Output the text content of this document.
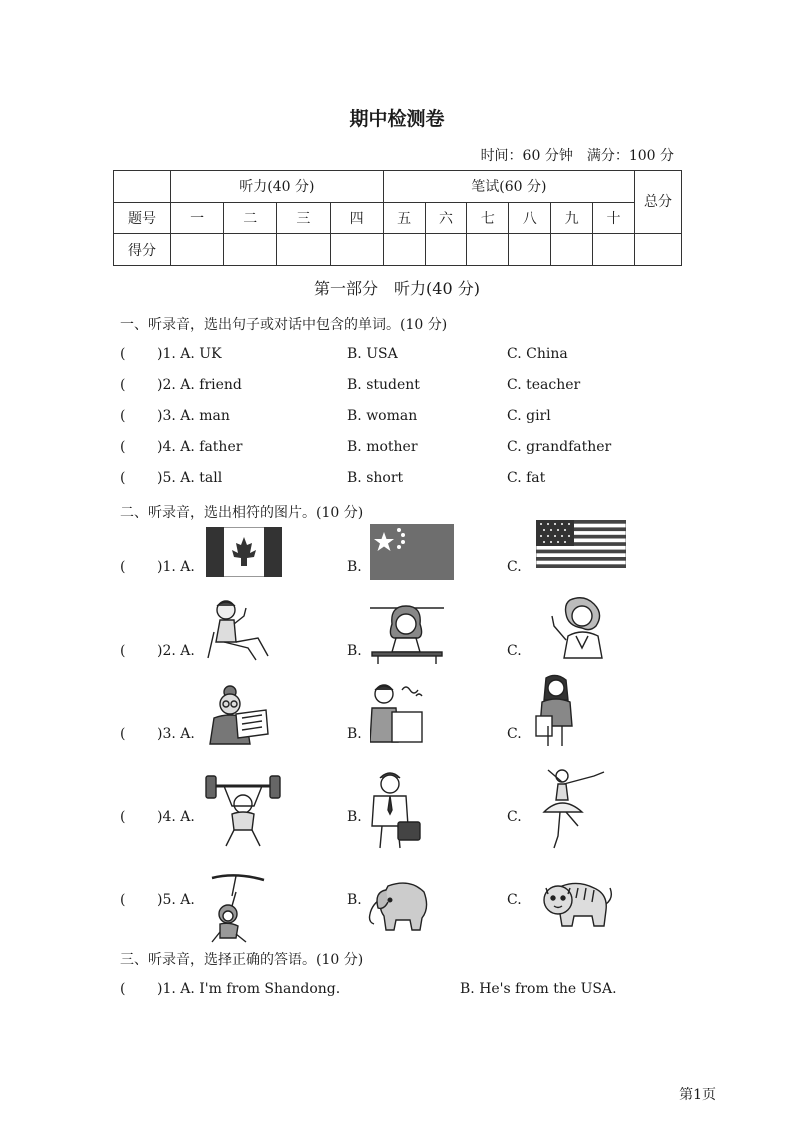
期中检测卷
时间：60 分钟　满分：100 分
	听力(40 分)				笔试(60 分)						总分
题号	一	二	三	四	五	六	七	八	九	十	
得分											
第一部分　听力(40 分)
一、听录音，选出句子或对话中包含的单词。(10 分)
( )1. A. UK	B. USA	C. China
( )2. A. friend	B. student	C. teacher
( )3. A. man	B. woman	C. girl
( )4. A. father	B. mother	C. grandfather
( )5. A. tall	B. short	C. fat
二、听录音，选出相符的图片。(10 分)
( )1. A.	B.	C.
( )2. A.	B.	C.
( )3. A.	B.	C.
( )4. A.	B.	C.
( )5. A.	B.	C.
三、听录音，选择正确的答语。(10 分)
( )1. A. I'm from Shandong.	B. He's from the USA.
第1页
